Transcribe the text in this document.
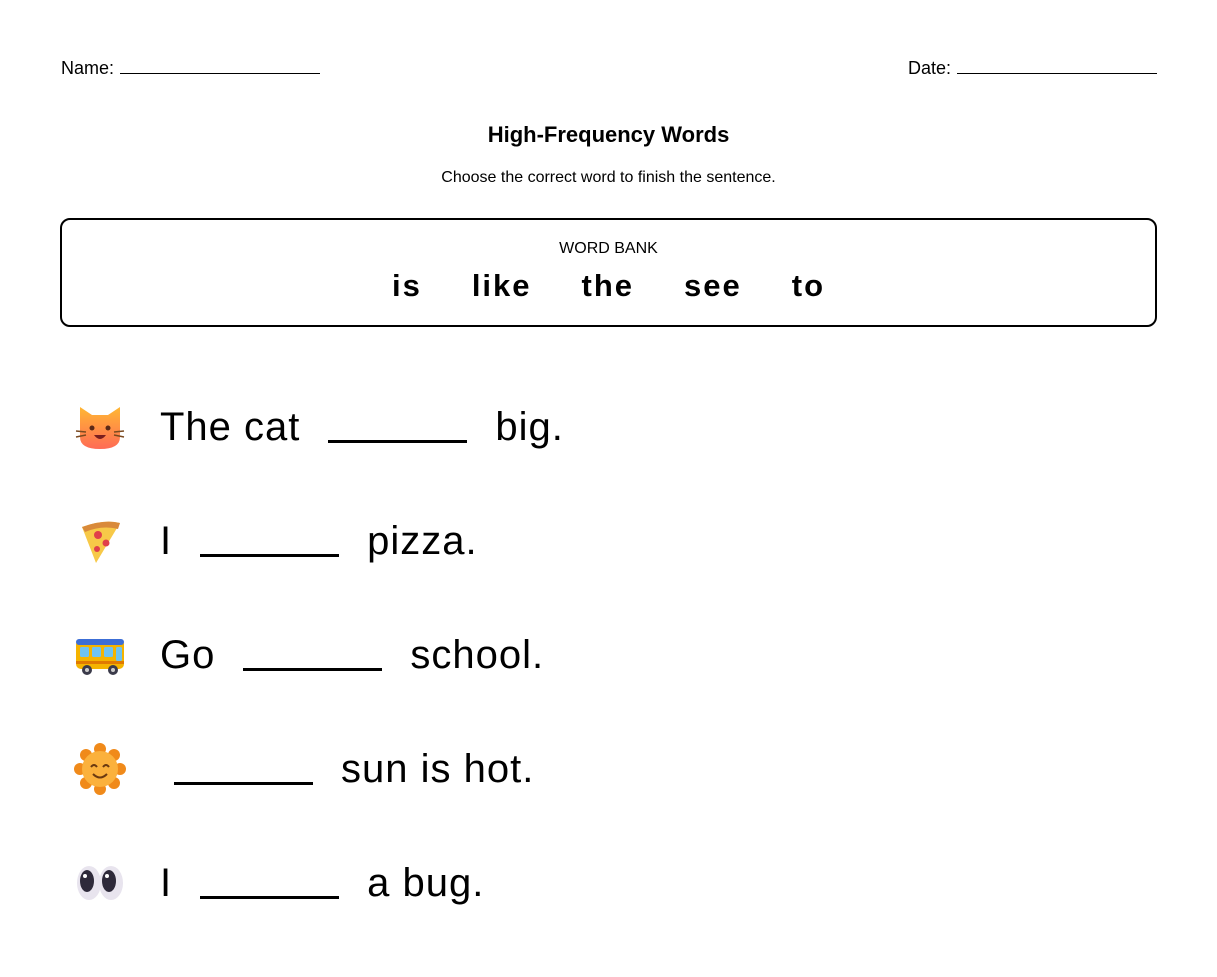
Name:	Date:
High-Frequency Words
Choose the correct word to finish the sentence.
WORD BANK
is like the see to
The cat	big.
I	pizza.
Go	school.
sun is hot.
I	a bug.
